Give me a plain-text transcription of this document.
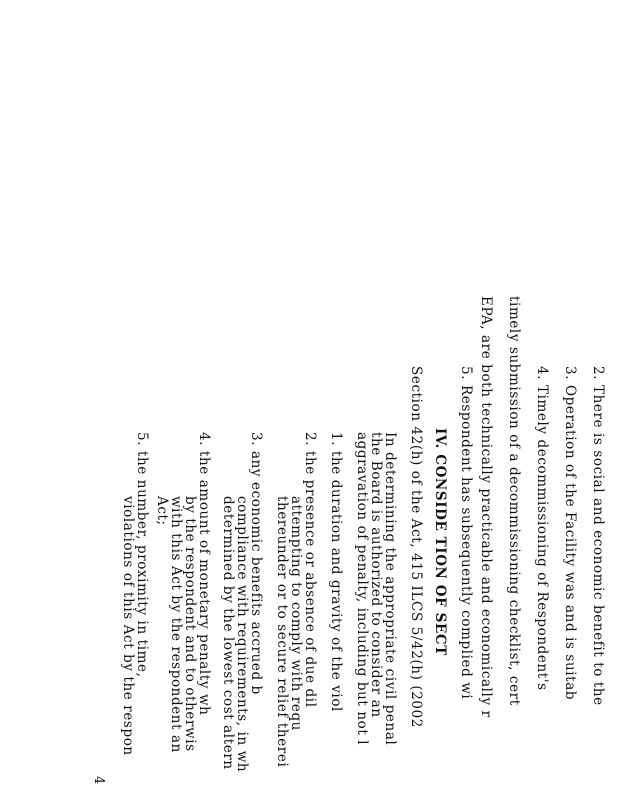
2. There is social and economic benefit to the
3. Operation of the Facility was and is suitab
4. Timely decommissioning of Respondent's
timely submission of a decommissioning checklist, cert
EPA, are both technically practicable and economically r
5. Respondent has subsequently complied wi
IV. CONSIDE TION OF SECT
Section 42(h) of the Act, 415 ILCS 5/42(h) (2002
In determining the appropriate civil penal
the Board is authorized to consider an
aggravation of penalty, including but not l
1. the duration and gravity of the viol
2. the presence or absence of due dil
attempting to comply with requ
thereunder or to secure relief therei
3. any economic benefits accrued b
compliance with requirements, in wh
determined by the lowest cost altern
4. the amount of monetary penalty wh
by the respondent and to otherwis
with this Act by the respondent an
Act;
5. the number, proximity in time,
violations of this Act by the respon
4
